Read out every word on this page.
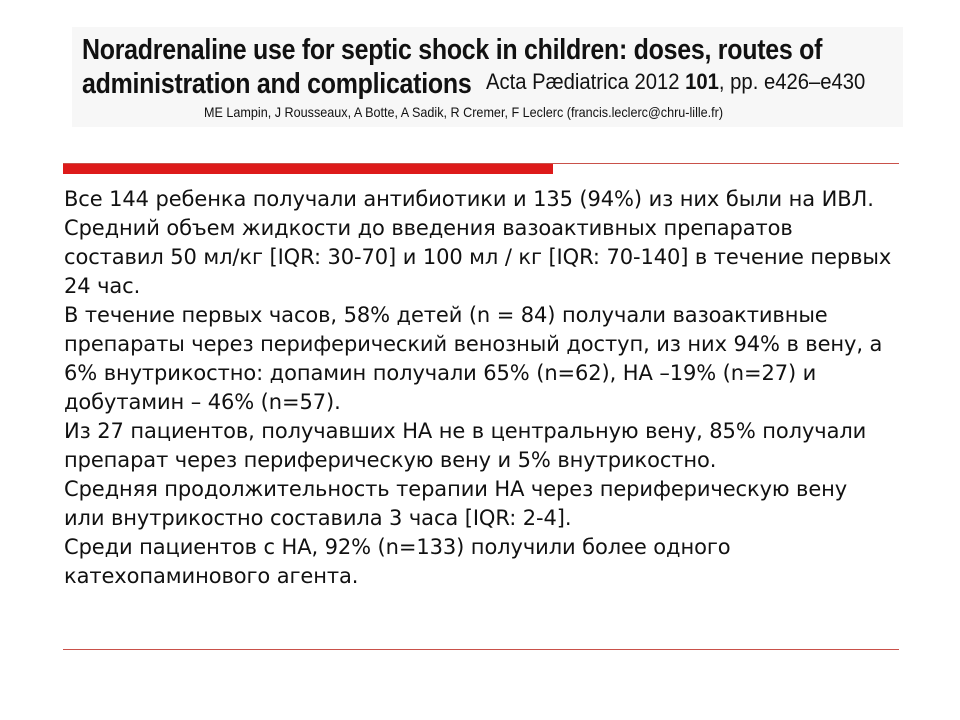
Noradrenaline use for septic shock in children: doses, routes of
administration and complications Acta Pædiatrica 2012 101, pp. e426–e430
ME Lampin, J Rousseaux, A Botte, A Sadik, R Cremer, F Leclerc (francis.leclerc@chru-lille.fr)

Все 144 ребенка получали антибиотики и 135 (94%) из них были на ИВЛ.

Средний объем жидкости до введения вазоактивных препаратов составил 50 мл/кг [IQR: 30-70] и 100 мл / кг [IQR: 70-140] в течение первых 24 час.

В течение первых часов, 58% детей (n = 84) получали вазоактивные препараты через периферический венозный доступ, из них 94% в вену, а 6% внутрикостно: допамин получали 65% (n=62), НА –19% (n=27) и добутамин – 46% (n=57).

Из 27 пациентов, получавших НА не в центральную вену, 85% получали препарат через периферическую вену и 5% внутрикостно.

Средняя продолжительность терапии НА через периферическую вену или внутрикостно составила 3 часа [IQR: 2-4].

Среди пациентов с НА, 92% (n=133) получили более одного катехопаминового агента.
